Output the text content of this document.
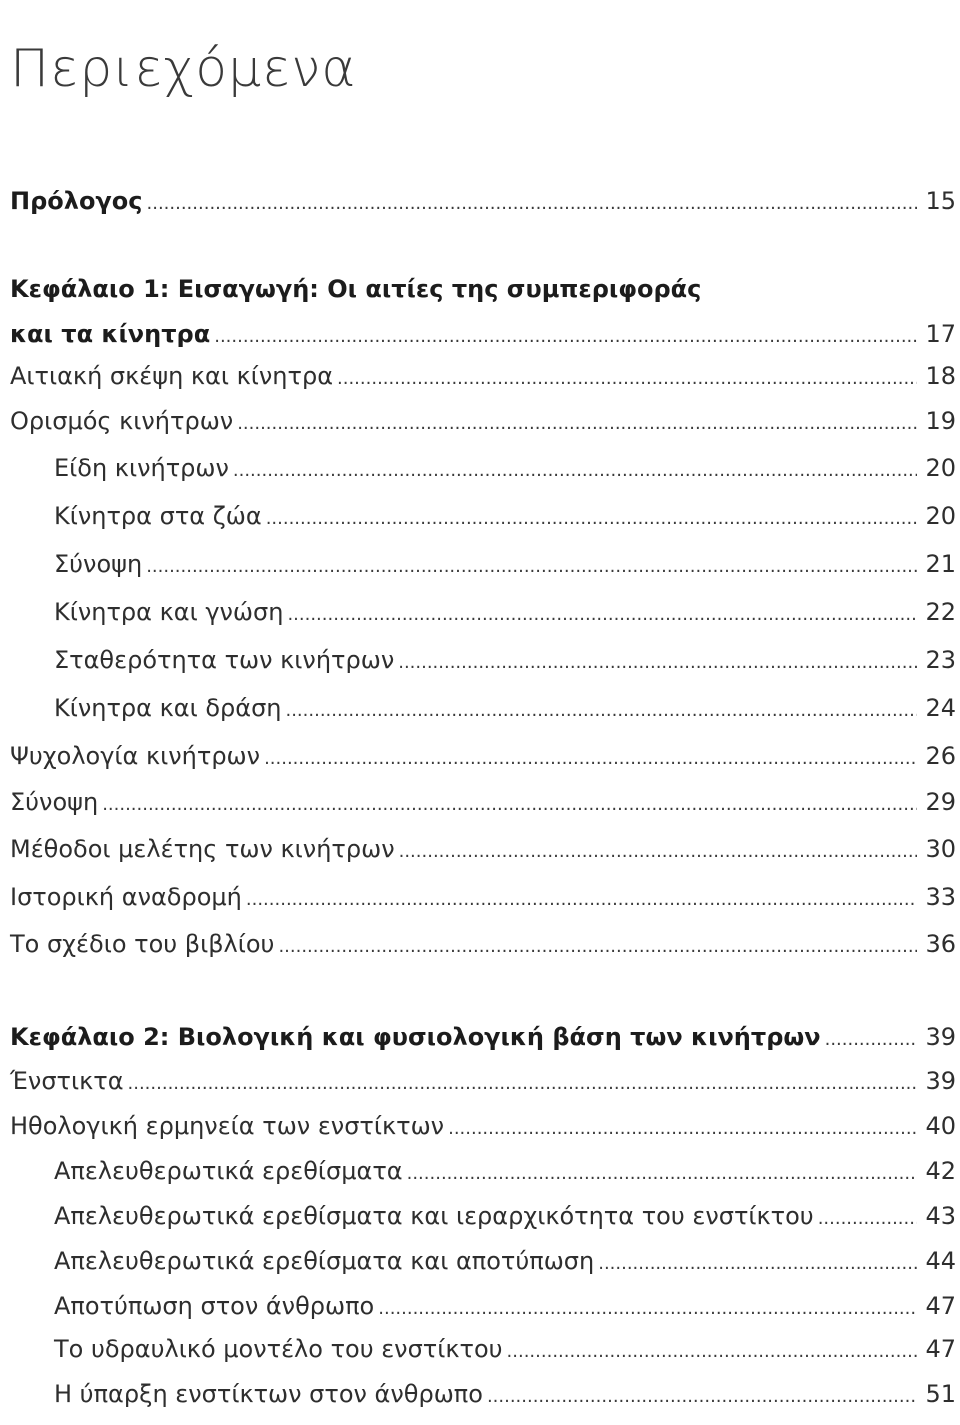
Περιεχόμενα
Πρόλογος .....	15
Κεφάλαιο 1: Εισαγωγή: Οι αιτίες της συμπεριφοράς
και τα κίνητρα .....	17
Αιτιακή σκέψη και κίνητρα .....	18
Ορισμός κινήτρων .....	19
Είδη κινήτρων .....	20
Κίνητρα στα ζώα .....	20
Σύνοψη .....	21
Κίνητρα και γνώση .....	22
Σταθερότητα των κινήτρων .....	23
Κίνητρα και δράση .....	24
Ψυχολογία κινήτρων .....	26
Σύνοψη .....	29
Μέθοδοι μελέτης των κινήτρων .....	30
Ιστορική αναδρομή .....	33
Το σχέδιο του βιβλίου .....	36
Κεφάλαιο 2: Βιολογική και φυσιολογική βάση των κινήτρων .....	39
Ένστικτα .....	39
Ηθολογική ερμηνεία των ενστίκτων .....	40
Απελευθερωτικά ερεθίσματα .....	42
Απελευθερωτικά ερεθίσματα και ιεραρχικότητα του ενστίκτου .....	43
Απελευθερωτικά ερεθίσματα και αποτύπωση .....	44
Αποτύπωση στον άνθρωπο .....	47
Το υδραυλικό μοντέλο του ενστίκτου .....	47
Η ύπαρξη ενστίκτων στον άνθρωπο .....	51
